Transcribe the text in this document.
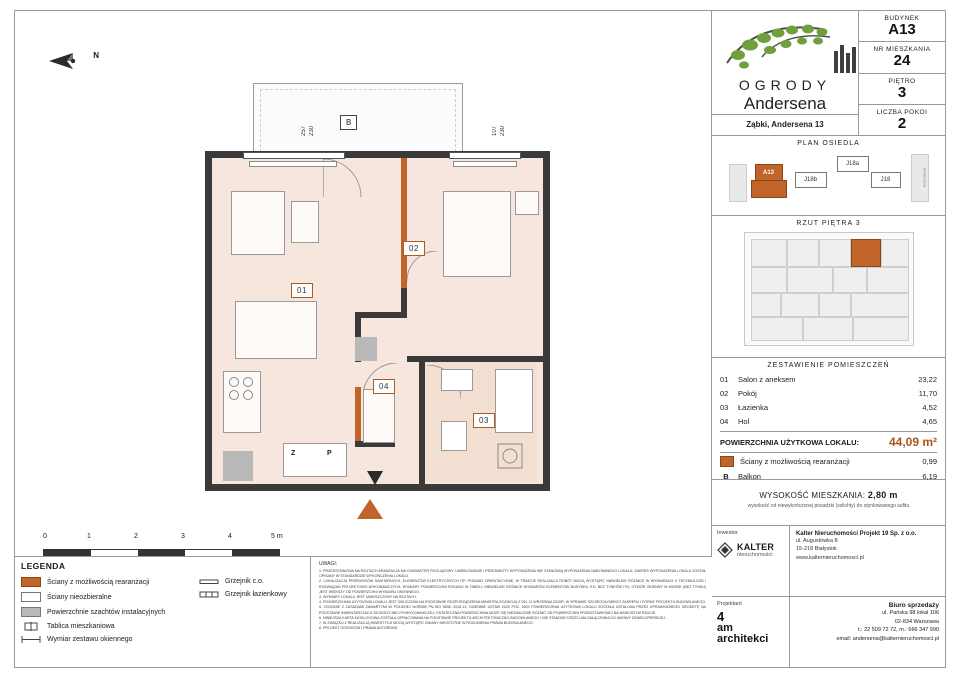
N
B
257 230	107 230
Z	P
01
02
03
04
0	1	2	3	4	5 m
LEGENDA
Ściany z możliwością rearanżacji
Ściany nieozbieralne
Powierzchnie szachtów instalacyjnych
Tablica mieszkaniowa
Wymiar zestawu okiennego
Grzejnik c.o.
Grzejnik łazienkowy
UWAGI:
1. PRZEDSTAWIONA NA RZUTACH ARANŻACJA MA CHARAKTER POGLĄDOWY, UMEBLOWANIE I PRZEDMIOTY WYPOSAŻENIA NIE STANOWIĄ WYPOSAŻENIA NABYWANEGO LOKALU; ZAKRES WYPOSAŻENIA LOKALU ZOSTAŁ OPISANY W STANDARDZIE WYKOŃCZENIA LOKALU.
2. LOKALIZACJA PRZEWODÓW SANITARNYCH, ELEMENTÓW ELEKTRYCZNYCH ITP. PODANO ORIENTACYJNIE, W TRAKCIE REALIZACJI ROBÓT MOGĄ WYSTĄPIĆ NIEWIELKIE RÓŻNICE W WYMIARACH O TECHNOLOGII I ROZWIĄZAŃ PROJEKTOWO-WYKONAWCZYCH; WYMIARY POWIERZCHNI PODANO W TABELI; NIEWIELKIE RÓŻNICE WYMIARÓW ELEMENTÓW BUDYNKU ITD. BEŻ TYNKÓW ITD; OTWÓR OKIENNY W MURZE (BEZ TYNKU) JEST WIĘKSZY OD POWIERZCHNI WYMIARU OKIENNEGO.
3. WYMIARY LOKALU JEST UMIESZCZONY NA RZUTACH.
4. POWIERZCHNIA UŻYTKOWA LOKALU JEST OBLICZONA NA PODSTAWIE ROZPORZĄDZENIA MINISTRA ROZWOJU Z DN. 11 WRZEŚNIA 2020R. W SPRAWIE SZCZEGÓŁOWEGO ZAKRESU I FORMY PROJEKTU BUDOWLANEGO.
5. ZGODNIE Z ZASADAMI ZAWARTYMI W POLSKIEJ NORMIE PN-ISO 9836: 2015-12; DZIENNIK USTAW 2020 POZ. 1609 POWIERZCHNIA UŻYTKOWA LOKALU ZOSTAŁA USTALONA PRZEZ UPRAWNIONEGO GEODETĘ NA PODSTAWIE INWENTARYZACJI GEODEZYJNEJ POWYKONAWCZEJ; OSTATECZNA POWIERZCHNIA MOŻE SIĘ NIEZNACZNIE RÓŻNIĆ OD POWIERZCHNI PRZEDSTAWIONEJ NA NINIEJSZYM RZUCIE.
6. NINIEJSZA KARTA KATALOGOWA ZOSTAŁA OPRACOWANA NA PODSTAWIE PROJEKTU ARCHITEKTONICZNO-BUDOWLANEGO I NIE STANOWI CZĘŚCI ANI ZAŁĄCZNIKA DO UMOWY DEWELOPERSKIEJ.
7. W ZWIĄZKU Z REALIZACJĄ INWESTYCJI MOGĄ WYSTĄPIĆ ZMIANY NIEISTOTNE W ROZUMIENIU PRAWA BUDOWLANEGO.
8. PROJEKT OGRODÓW I PRAWA AUTORSKIE.
OGRODY
Andersena
Ząbki, Andersena 13
BUDYNEK
A13
NR MIESZKANIA
24
PIĘTRO
3
LICZBA POKOI
2
PLAN OSIEDLA
Andersena
A13
J18a
J18b	J18
RZUT PIĘTRA 3
ZESTAWIENIE POMIESZCZEŃ
01	Salon z aneksem	23,22
02	Pokój	11,70
03	Łazienka	4,52
04	Hol	4,65
POWIERZCHNIA UŻYTKOWA LOKALU:	44,09 m²
Ściany z możliwością rearanżacji	0,99
B	Balkon	6,19
WYSOKOŚĆ MIESZKANIA: 2,80 m
wysokość od niewykończonej posadzki (szlichty) do otynkowanego sufitu
Inwestor
KALTER
nieruchomości
Kalter Nieruchomości Projekt 19 Sp. z o.o.
ul. Augustówka 8
15-218 Białystok
www.kalternieruchomosci.pl
Projektant
4
am
architekci
Biuro sprzedaży
ul. Pańska 98 lokal 106
02-834 Warszawa
t.: 22 509 72 72, m.: 666 347 990
email: andersena@kalternieruchomosci.pl
